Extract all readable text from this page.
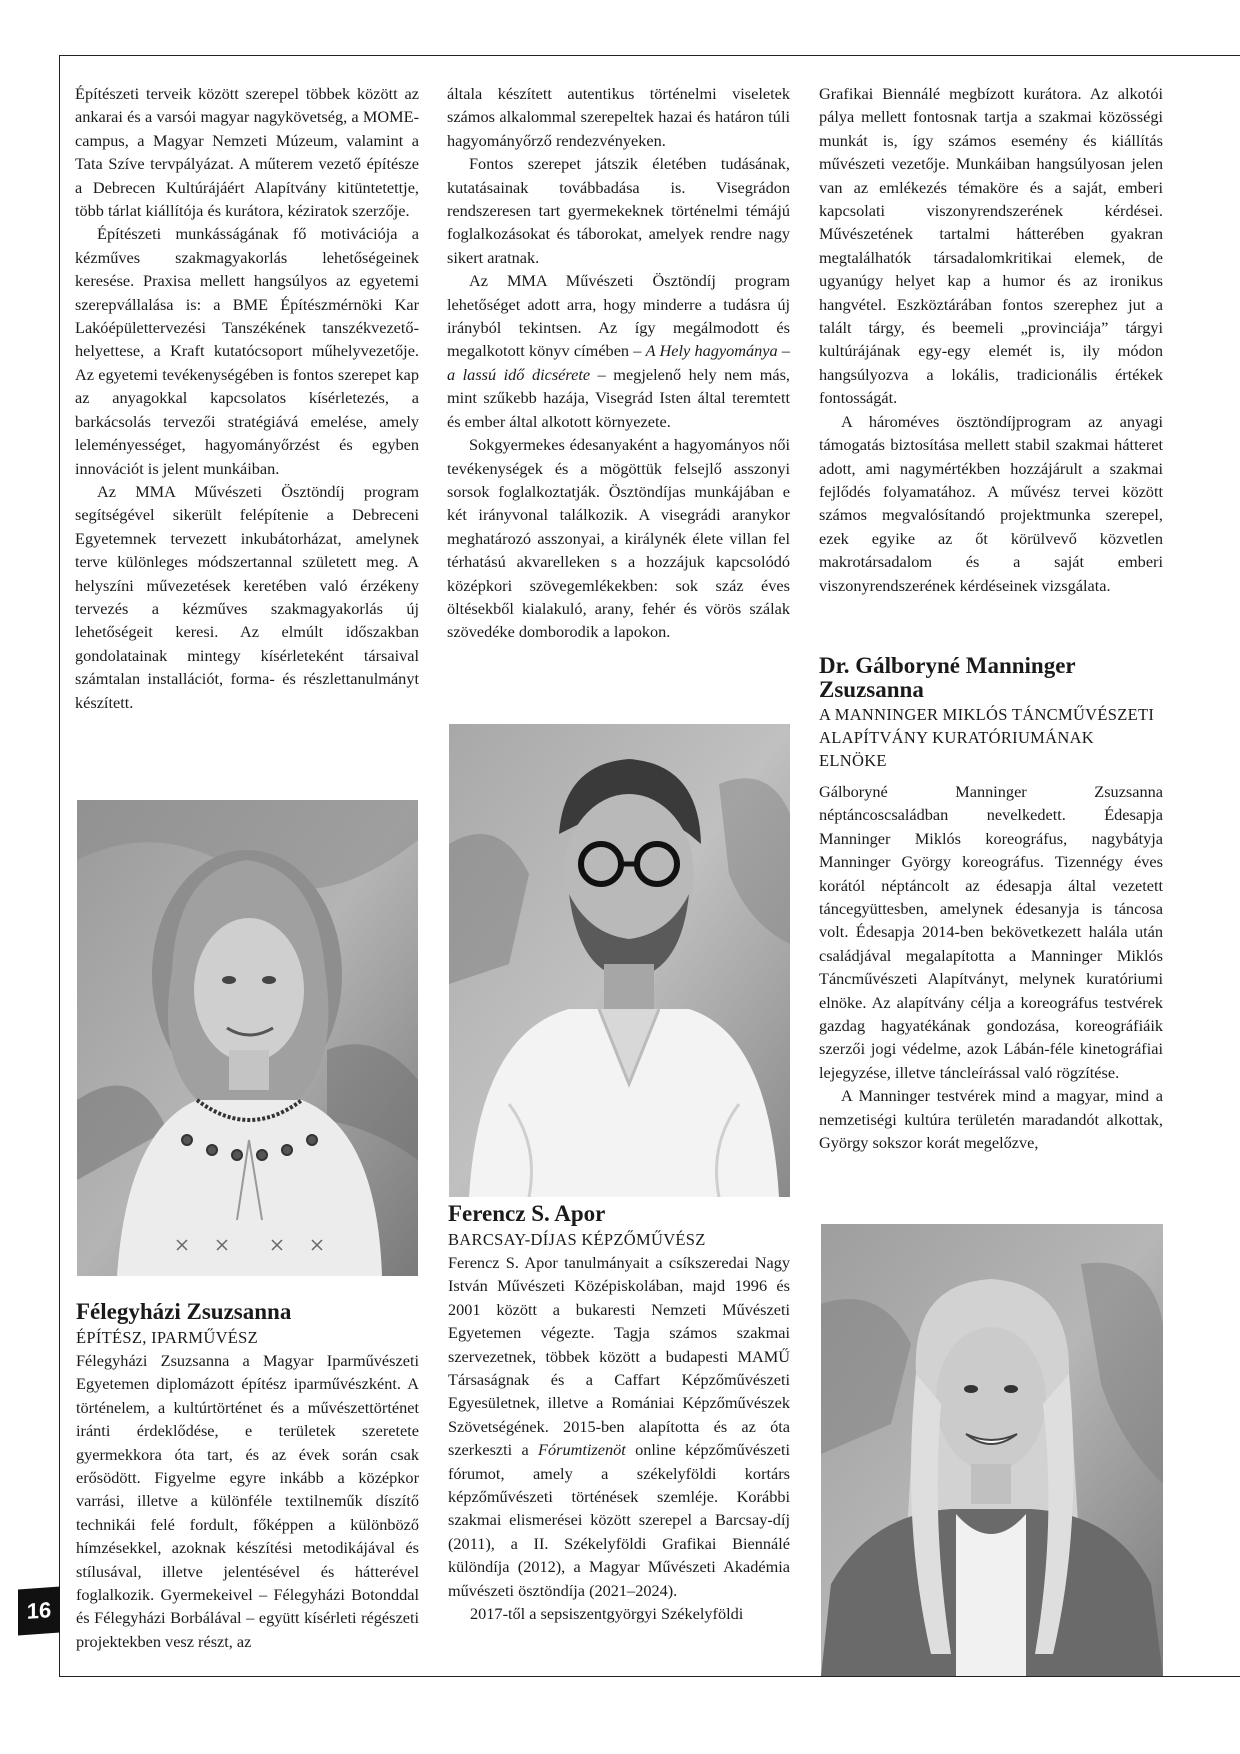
Építészeti terveik között szerepel többek között az ankarai és a varsói magyar nagykövetség, a MOME-campus, a Magyar Nemzeti Múzeum, valamint a Tata Szíve tervpályázat. A műterem vezető építésze a Debrecen Kultúrájáért Alapítvány kitüntetettje, több tárlat kiállítója és kurátora, kéziratok szerzője.

Építészeti munkásságának fő motivációja a kézműves szakmagyakorlás lehetőségeinek keresése. Praxisa mellett hangsúlyos az egyetemi szerepvállalása is: a BME Építészmérnöki Kar Lakóépülettervezési Tanszékének tanszékvezető-helyettese, a Kraft kutatócsoport műhelyvezetője. Az egyetemi tevékenységében is fontos szerepet kap az anyagokkal kapcsolatos kísérletezés, a barkácsolás tervezői stratégiává emelése, amely leleményességet, hagyományőrzést és egyben innovációt is jelent munkáiban.

Az MMA Művészeti Ösztöndíj program segítségével sikerült felépítenie a Debreceni Egyetemnek tervezett inkubátorházat, amelynek terve különleges módszertannal született meg. A helyszíni művezetések keretében való érzékeny tervezés a kézműves szakmagyakorlás új lehetőségeit keresi. Az elmúlt időszakban gondolatainak mintegy kísérleteként társaival számtalan installációt, forma- és részlettanulmányt készített.

általa készített autentikus történelmi viseletek számos alkalommal szerepeltek hazai és határon túli hagyományőrző rendezvényeken.

Fontos szerepet játszik életében tudásának, kutatásainak továbbadása is. Visegrádon rendszeresen tart gyermekeknek történelmi témájú foglalkozásokat és táborokat, amelyek rendre nagy sikert aratnak.

Az MMA Művészeti Ösztöndíj program lehetőséget adott arra, hogy minderre a tudásra új irányból tekintsen. Az így megálmodott és megalkotott könyv címében – A Hely hagyománya – a lassú idő dicsérete – megjelenő hely nem más, mint szűkebb hazája, Visegrád Isten által teremtett és ember által alkotott környezete.

Sokgyermekes édesanyaként a hagyományos női tevékenységek és a mögöttük felsejlő asszonyi sorsok foglalkoztatják. Ösztöndíjas munkájában e két irányvonal találkozik. A visegrádi aranykor meghatározó asszonyai, a királynék élete villan fel térhatású akvarelleken s a hozzájuk kapcsolódó középkori szövegemlékekben: sok száz éves öltésekből kialakuló, arany, fehér és vörös szálak szövedéke domborodik a lapokon.

Grafikai Biennálé megbízott kurátora. Az alkotói pálya mellett fontosnak tartja a szakmai közösségi munkát is, így számos esemény és kiállítás művészeti vezetője. Munkáiban hangsúlyosan jelen van az emlékezés témaköre és a saját, emberi kapcsolati viszonyrendszerének kérdései. Művészetének tartalmi hátterében gyakran megtalálhatók társadalomkritikai elemek, de ugyanúgy helyet kap a humor és az ironikus hangvétel. Eszköztárában fontos szerephez jut a talált tárgy, és beemeli „provinciája” tárgyi kultúrájának egy-egy elemét is, ily módon hangsúlyozva a lokális, tradicionális értékek fontosságát.

A hároméves ösztöndíjprogram az anyagi támogatás biztosítása mellett stabil szakmai hátteret adott, ami nagymértékben hozzájárult a szakmai fejlődés folyamatához. A művész tervei között számos megvalósítandó projektmunka szerepel, ezek egyike az őt körülvevő közvetlen makrotársadalom és a saját emberi viszonyrendszerének kérdéseinek vizsgálata.

Félegyházi Zsuzsanna
ÉPÍTÉSZ, IPARMŰVÉSZ

Félegyházi Zsuzsanna a Magyar Iparművészeti Egyetemen diplomázott építész iparművészként. A történelem, a kultúrtörténet és a művészettörténet iránti érdeklődése, e területek szeretete gyermekkora óta tart, és az évek során csak erősödött. Figyelme egyre inkább a középkor varrási, illetve a különféle textilneműk díszítő technikái felé fordult, főképpen a különböző hímzésekkel, azoknak készítési metodikájával és stílusával, illetve jelentésével és hátterével foglalkozik. Gyermekeivel – Félegyházi Botonddal és Félegyházi Borbálával – együtt kísérleti régészeti projektekben vesz részt, az

Ferencz S. Apor
BARCSAY-DÍJAS KÉPZŐMŰVÉSZ

Ferencz S. Apor tanulmányait a csíkszeredai Nagy István Művészeti Középiskolában, majd 1996 és 2001 között a bukaresti Nemzeti Művészeti Egyetemen végezte. Tagja számos szakmai szervezetnek, többek között a budapesti MAMŰ Társaságnak és a Caffart Képzőművészeti Egyesületnek, illetve a Romániai Képzőművészek Szövetségének. 2015-ben alapította és az óta szerkeszti a Fórumtizenöt online képzőművészeti fórumot, amely a székelyföldi kortárs képzőművészeti történések szemléje. Korábbi szakmai elismerései között szerepel a Barcsay-díj (2011), a II. Székelyföldi Grafikai Biennálé különdíja (2012), a Magyar Művészeti Akadémia művészeti ösztöndíja (2021–2024).

2017-től a sepsiszentgyörgyi Székelyföldi

Dr. Gálboryné Manninger Zsuzsanna
A MANNINGER MIKLÓS TÁNCMŰVÉSZETI ALAPÍTVÁNY KURATÓRIUMÁNAK ELNÖKE

Gálboryné Manninger Zsuzsanna néptáncoscsaládban nevelkedett. Édesapja Manninger Miklós koreográfus, nagybátyja Manninger György koreográfus. Tizennégy éves korától néptáncolt az édesapja által vezetett táncegyüttesben, amelynek édesanyja is táncosa volt. Édesapja 2014-ben bekövetkezett halála után családjával megalapította a Manninger Miklós Táncművészeti Alapítványt, melynek kuratóriumi elnöke. Az alapítvány célja a koreográfus testvérek gazdag hagyatékának gondozása, koreográfiáik szerzői jogi védelme, azok Lábán-féle kinetográfiai lejegyzése, illetve táncleírással való rögzítése.

A Manninger testvérek mind a magyar, mind a nemzetiségi kultúra területén maradandót alkottak, György sokszor korát megelőzve,

16
